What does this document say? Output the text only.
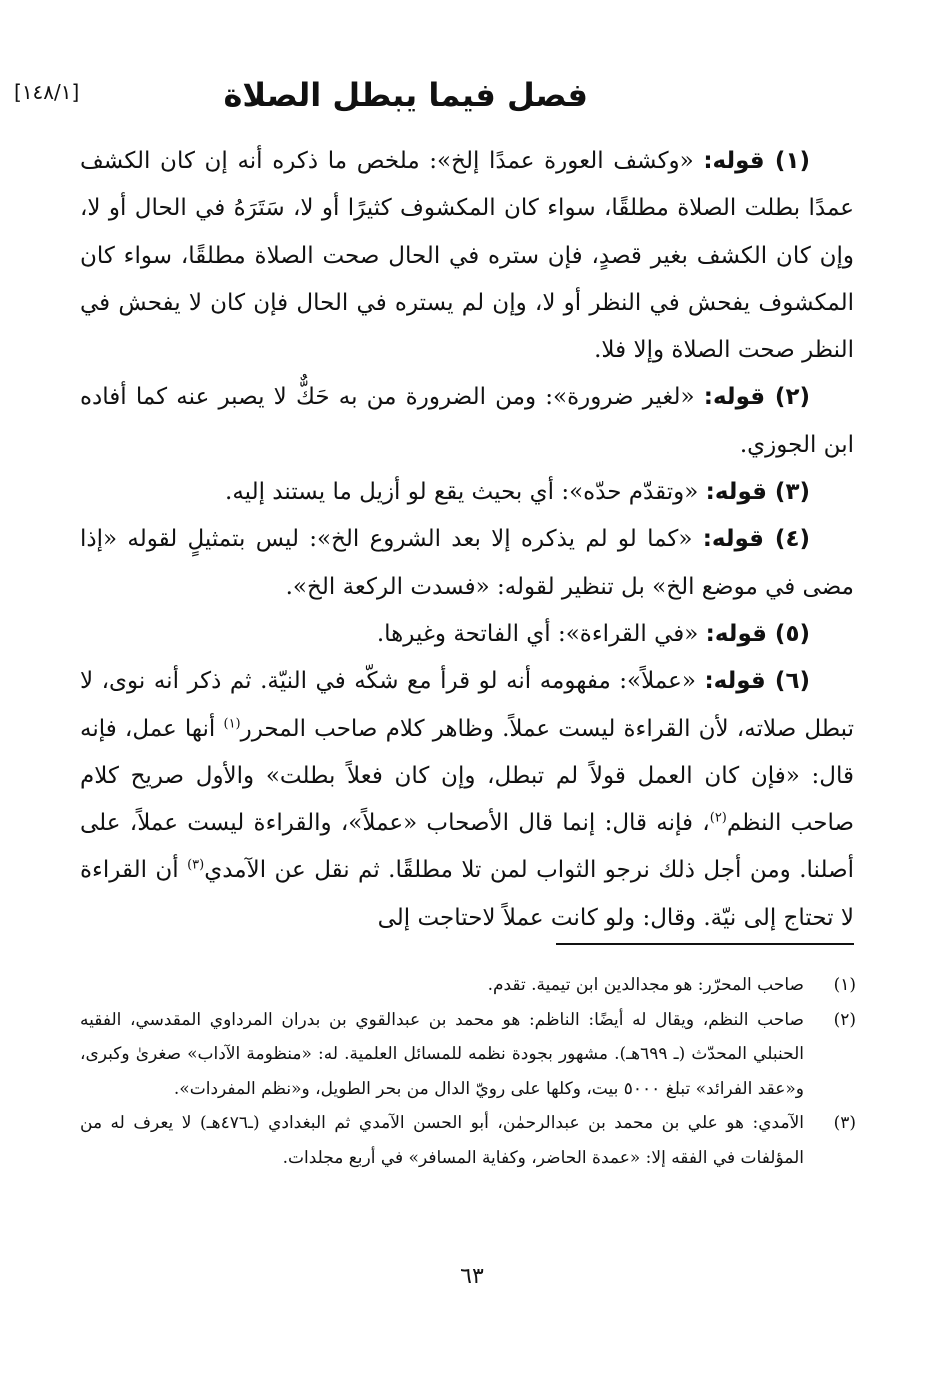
فصل فيما يبطل الصلاة
[١٤٨/١]

(١) قوله: «وكشف العورة عمدًا إلخ»: ملخص ما ذكره أنه إن كان الكشف عمدًا بطلت الصلاة مطلقًا، سواء كان المكشوف كثيرًا أو لا، سَتَرَهُ في الحال أو لا، وإن كان الكشف بغير قصدٍ، فإن ستره في الحال صحت الصلاة مطلقًا، سواء كان المكشوف يفحش في النظر أو لا، وإن لم يستره في الحال فإن كان لا يفحش في النظر صحت الصلاة وإلا فلا.

(٢) قوله: «لغير ضرورة»: ومن الضرورة من به حَكٌّ لا يصبر عنه كما أفاده ابن الجوزي.

(٣) قوله: «وتقدّم حدّه»: أي بحيث يقع لو أزيل ما يستند إليه.

(٤) قوله: «كما لو لم يذكره إلا بعد الشروع الخ»: ليس بتمثيلٍ لقوله «إذا مضى في موضع الخ» بل تنظير لقوله: «فسدت الركعة الخ».

(٥) قوله: «في القراءة»: أي الفاتحة وغيرها.

(٦) قوله: «عملاً»: مفهومه أنه لو قرأ مع شكّه في النيّة. ثم ذكر أنه نوى، لا تبطل صلاته، لأن القراءة ليست عملاً. وظاهر كلام صاحب المحرر$^{(١)}$ أنها عمل، فإنه قال: «فإن كان العمل قولاً لم تبطل، وإن كان فعلاً بطلت» والأول صريح كلام صاحب النظم$^{(٢)}$، فإنه قال: إنما قال الأصحاب «عملاً»، والقراءة ليست عملاً، على أصلنا. ومن أجل ذلك نرجو الثواب لمن تلا مطلقًا. ثم نقل عن الآمدي$^{(٣)}$ أن القراءة لا تحتاج إلى نيّة. وقال: ولو كانت عملاً لاحتاجت إلى

(١)
صاحب المحرّر: هو مجدالدين ابن تيمية. تقدم.
(٢)
صاحب النظم، ويقال له أيضًا: الناظم: هو محمد بن عبدالقوي بن بدران المرداوي المقدسي، الفقيه الحنبلي المحدّث (ـ ٦٩٩هـ). مشهور بجودة نظمه للمسائل العلمية. له: «منظومة الآداب» صغرىٰ وكبرى، و«عقد الفرائد» تبلغ ٥٠٠٠ بيت، وكلها على رويّ الدال من بحر الطويل، و«نظم المفردات».
(٣)
الآمدي: هو علي بن محمد بن عبدالرحمٰن، أبو الحسن الآمدي ثم البغدادي (ـ٤٧٦هـ) لا يعرف له من المؤلفات في الفقه إلا: «عمدة الحاضر، وكفاية المسافر» في أربع مجلدات.
٦٣
